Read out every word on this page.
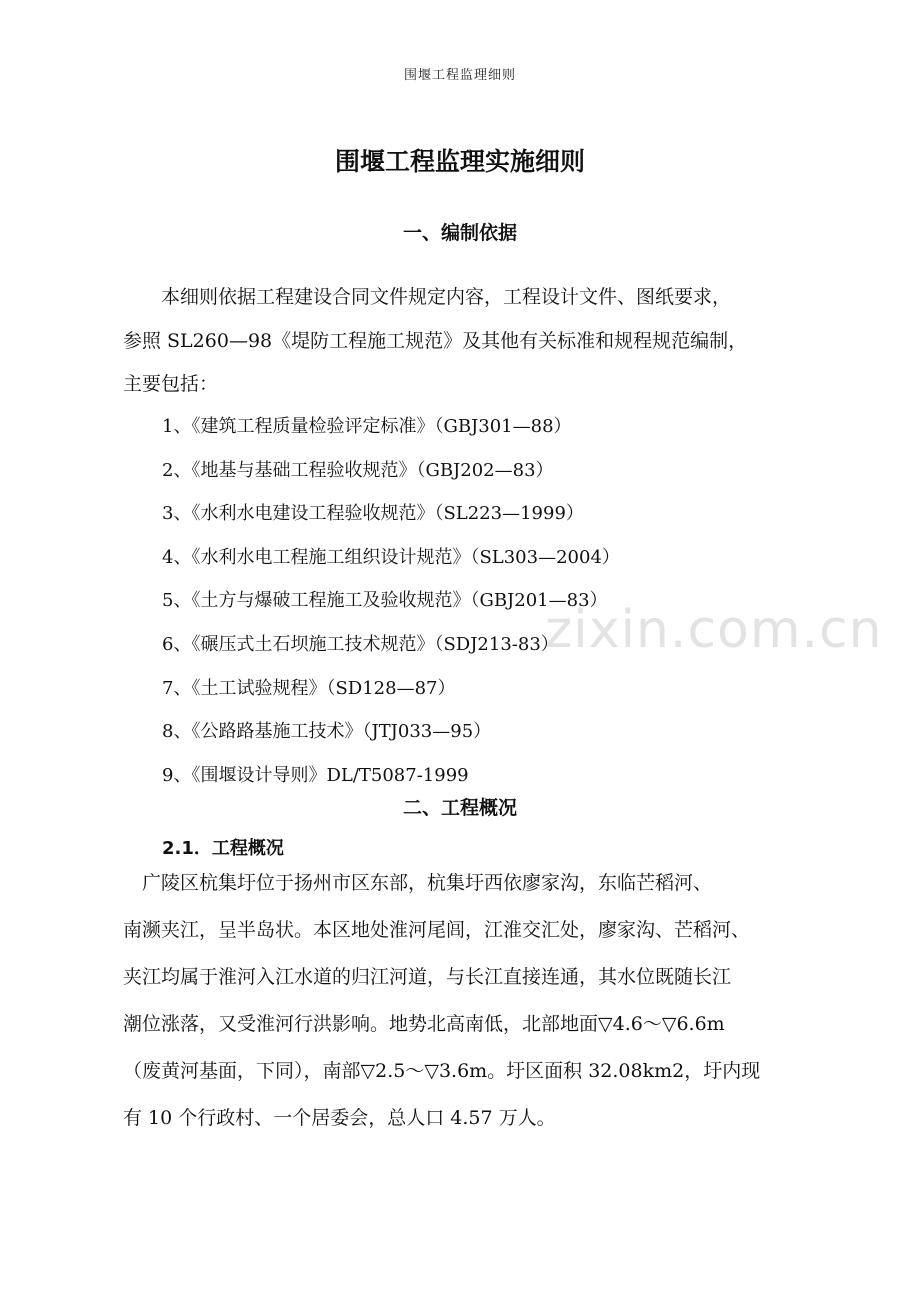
zixin.com.cn
围堰工程监理细则
围堰工程监理实施细则
一、编制依据
　　本细则依据工程建设合同文件规定内容，工程设计文件、图纸要求，
参照 SL260—98《堤防工程施工规范》及其他有关标准和规程规范编制，
主要包括：
1、《建筑工程质量检验评定标准》（GBJ301—88）
2、《地基与基础工程验收规范》（GBJ202—83）
3、《水利水电建设工程验收规范》（SL223—1999）
4、《水利水电工程施工组织设计规范》（SL303—2004）
5、《土方与爆破工程施工及验收规范》（GBJ201—83）
6、《碾压式土石坝施工技术规范》（SDJ213-83）
7、《土工试验规程》（SD128—87）
8、《公路路基施工技术》（JTJ033—95）
9、《围堰设计导则》DL/T5087-1999
二、工程概况
2.1．工程概况
　广陵区杭集圩位于扬州市区东部，杭集圩西依廖家沟，东临芒稻河、
南濒夹江，呈半岛状。本区地处淮河尾闾，江淮交汇处，廖家沟、芒稻河、
夹江均属于淮河入江水道的归江河道，与长江直接连通，其水位既随长江
潮位涨落，又受淮河行洪影响。地势北高南低，北部地面▽4.6～▽6.6m
（废黄河基面，下同），南部▽2.5～▽3.6m。圩区面积 32.08km2，圩内现
有 10 个行政村、一个居委会，总人口 4.57 万人。
